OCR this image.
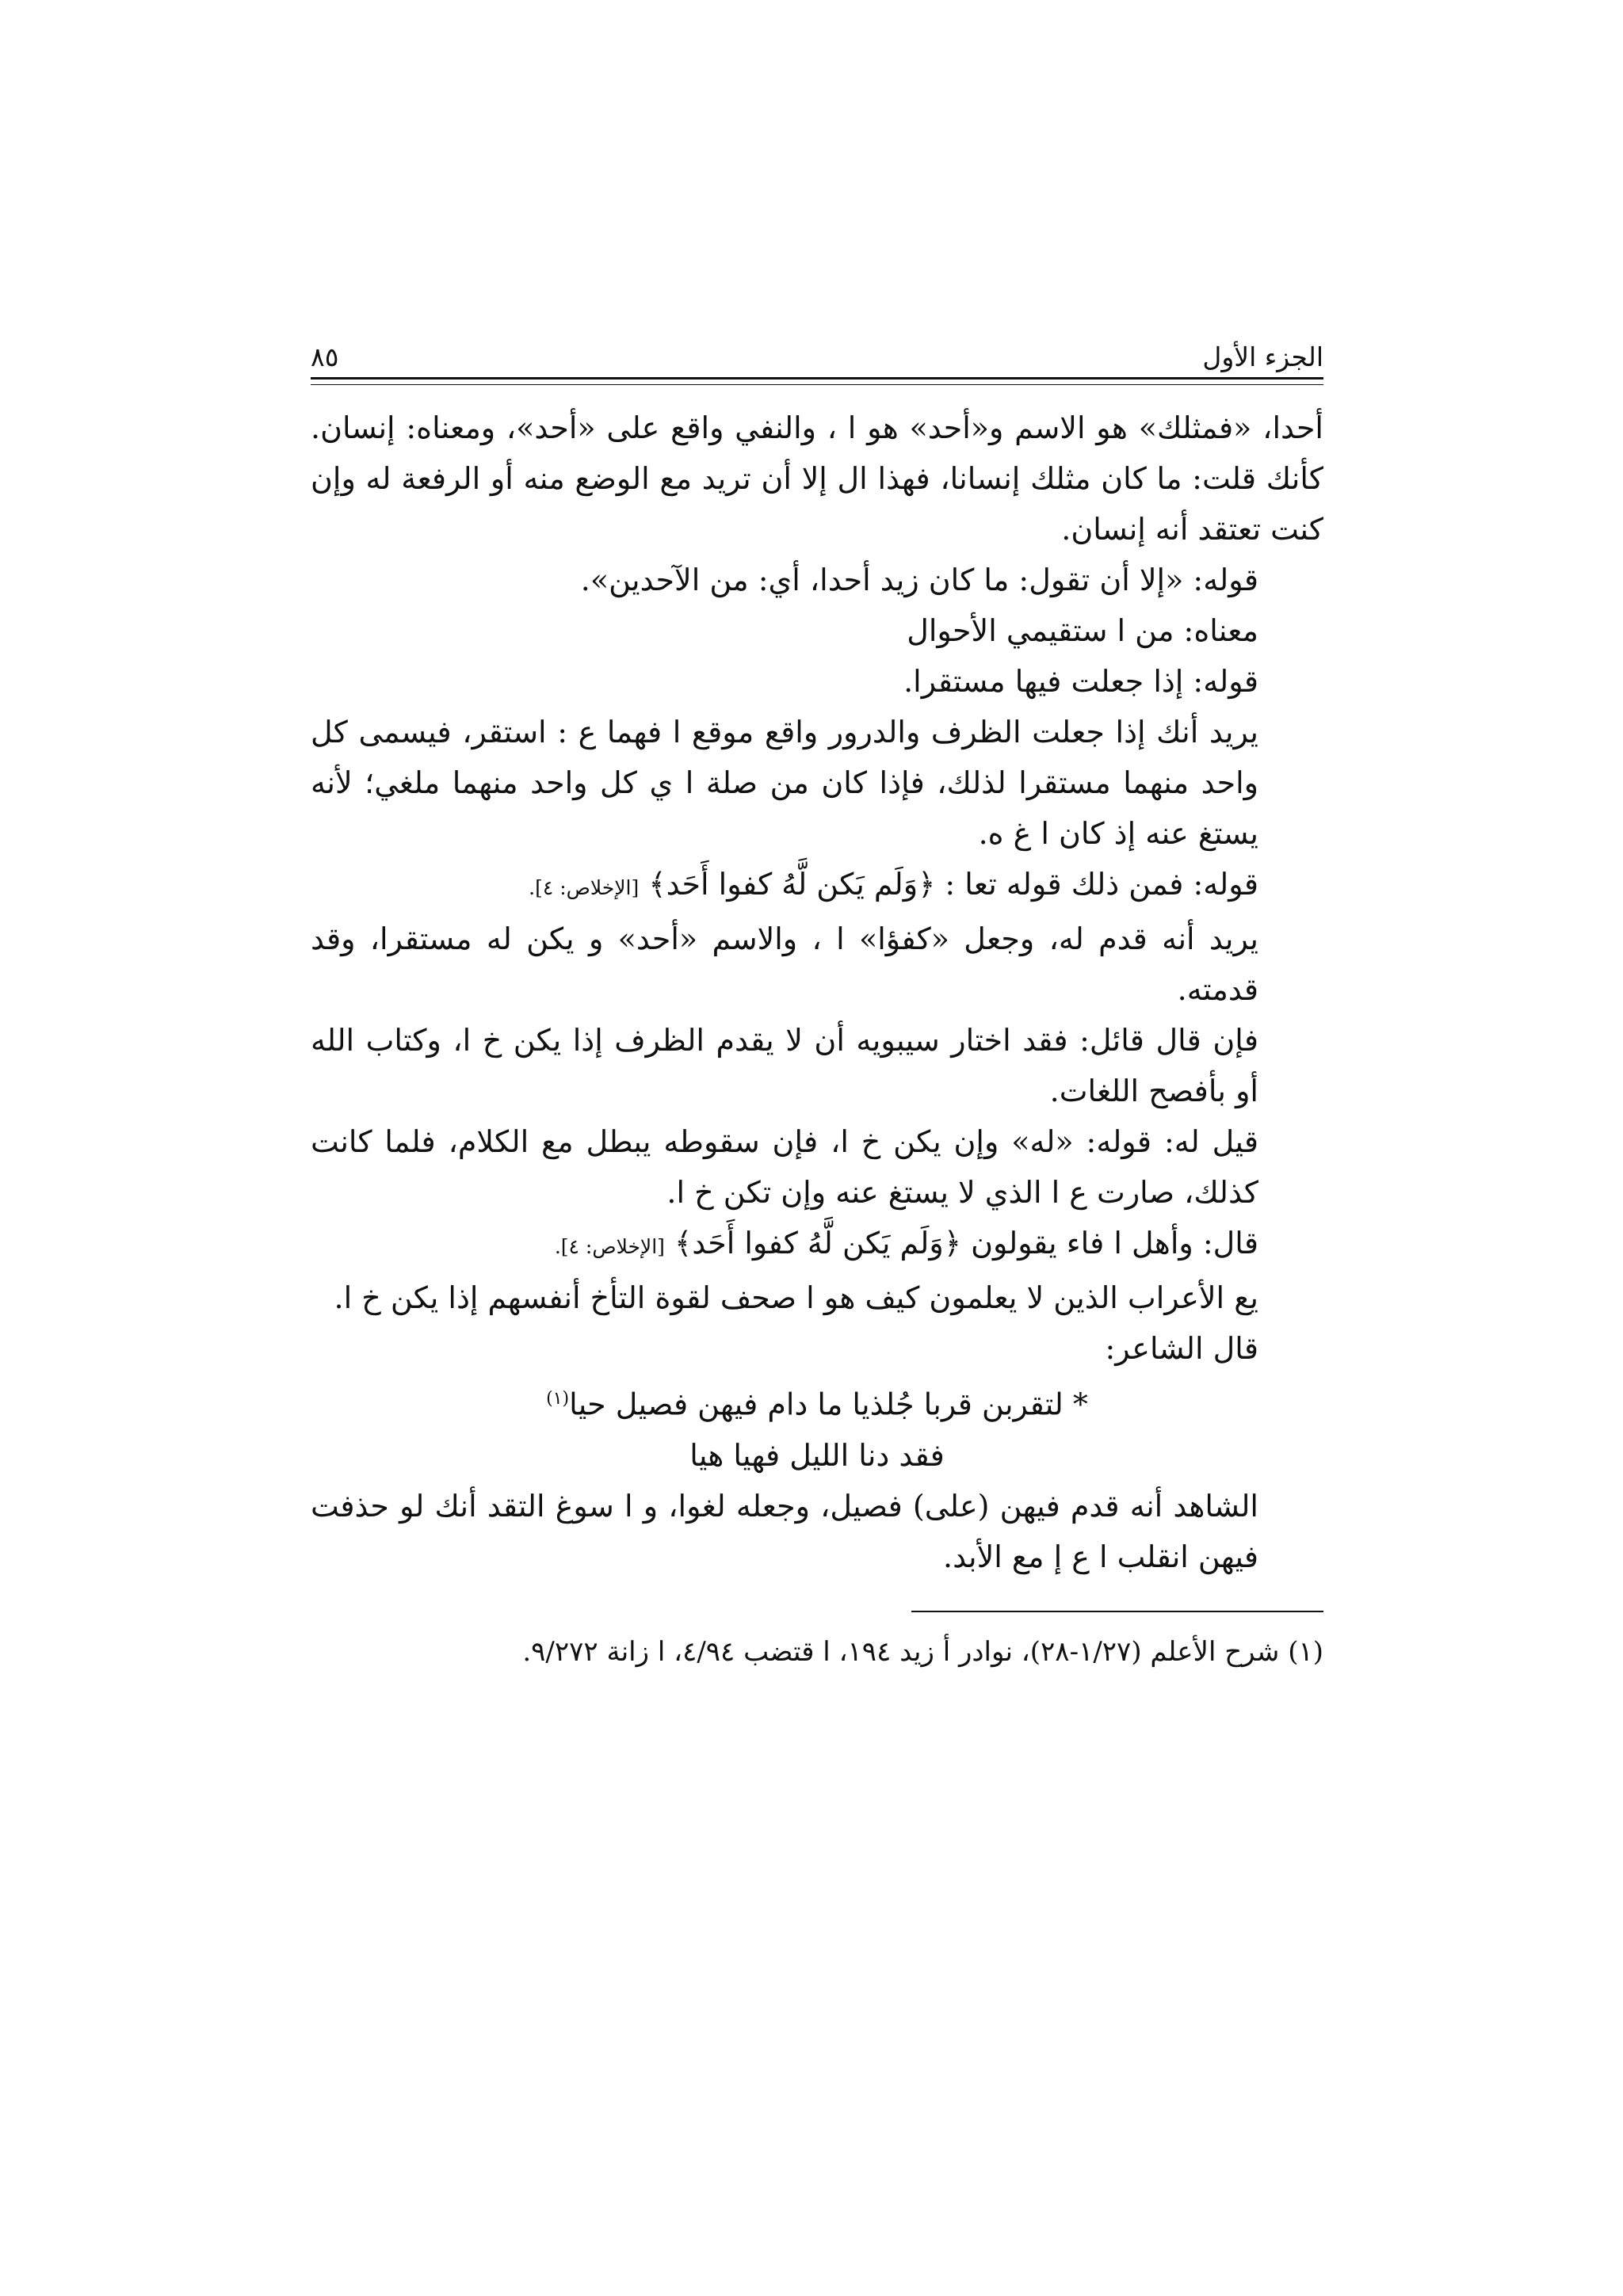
الجزء الأول
٨٥

أحدا، «فمثلك» هو الاسم و«أحد» هو ا ، والنفي واقع على «أحد»، ومعناه: إنسان. كأنك قلت: ما كان مثلك إنسانا، فهذا ال إلا أن تريد مع الوضع منه أو الرفعة له وإن كنت تعتقد أنه إنسان.

قوله: «إلا أن تقول: ما كان زيد أحدا، أي: من الآحدين».

معناه: من ا ستقيمي الأحوال

قوله: إذا جعلت فيها مستقرا.

يريد أنك إذا جعلت الظرف والدرور واقع موقع ا فهما ع : استقر، فيسمى كل واحد منهما مستقرا لذلك، فإذا كان من صلة ا ي كل واحد منهما ملغي؛ لأنه يستغ عنه إذ كان ا غ ه.

قوله: فمن ذلك قوله تعا : ﴿وَلَم يَكن لَّهُ كفوا أَحَد﴾ [الإخلاص: ٤].

يريد أنه قدم له، وجعل «كفؤا» ا ، والاسم «أحد» و يكن له مستقرا، وقد قدمته.

فإن قال قائل: فقد اختار سيبويه أن لا يقدم الظرف إذا يكن خ ا، وكتاب الله أو بأفصح اللغات.

قيل له: قوله: «له» وإن يكن خ ا، فإن سقوطه يبطل مع الكلام، فلما كانت كذلك، صارت ع ا الذي لا يستغ عنه وإن تكن خ ا.

قال: وأهل ا فاء يقولون ﴿وَلَم يَكن لَّهُ كفوا أَحَد﴾ [الإخلاص: ٤].

يع الأعراب الذين لا يعلمون كيف هو ا صحف لقوة التأخ أنفسهم إذا يكن خ ا.

قال الشاعر:

* لتقربن قربا جُلذيا ما دام فيهن فصيل حيا$^{(١)}$
فقد دنا الليل فهيا هيا

الشاهد أنه قدم فيهن (على) فصيل، وجعله لغوا، و ا سوغ التقد أنك لو حذفت فيهن انقلب ا ع إ مع الأبد.

(١) شرح الأعلم (١/٢٧-٢٨)، نوادر أ زيد ١٩٤، ا قتضب ٤/٩٤، ا زانة ٩/٢٧٢.
